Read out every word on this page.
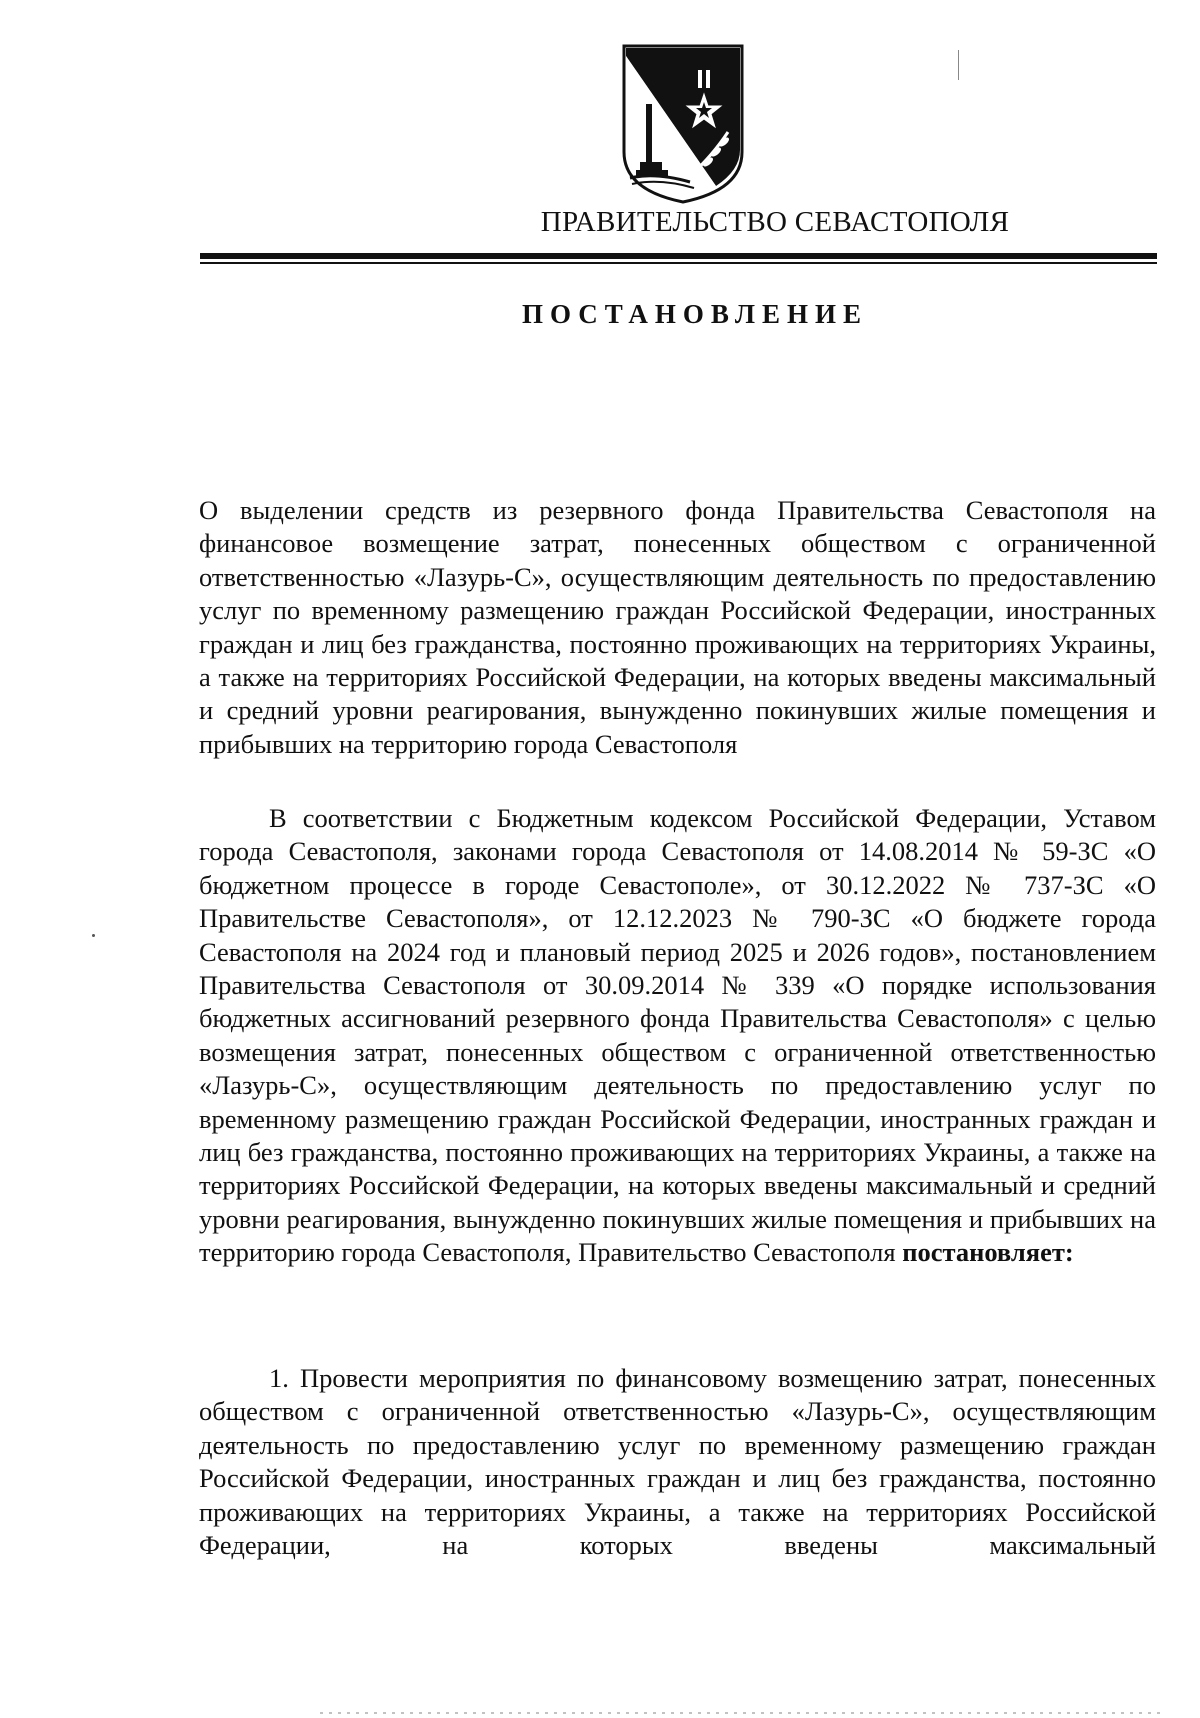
ПРАВИТЕЛЬСТВО СЕВАСТОПОЛЯ
ПОСТАНОВЛЕНИЕ

О выделении средств из резервного фонда Правительства Севастополя на финансовое возмещение затрат, понесенных обществом с ограниченной ответственностью «Лазурь-С», осуществляющим деятельность по предоставлению услуг по временному размещению граждан Российской Федерации, иностранных граждан и лиц без гражданства, постоянно проживающих на территориях Украины, а также на территориях Российской Федерации, на которых введены максимальный и средний уровни реагирования, вынужденно покинувших жилые помещения и прибывших на территорию города Севастополя

В соответствии с Бюджетным кодексом Российской Федерации, Уставом города Севастополя, законами города Севастополя от 14.08.2014 № 59-ЗС «О бюджетном процессе в городе Севастополе», от 30.12.2022 № 737-ЗС «О Правительстве Севастополя», от 12.12.2023 № 790-ЗС «О бюджете города Севастополя на 2024 год и плановый период 2025 и 2026 годов», постановлением Правительства Севастополя от 30.09.2014 № 339 «О порядке использования бюджетных ассигнований резервного фонда Правительства Севастополя» с целью возмещения затрат, понесенных обществом с ограниченной ответственностью «Лазурь-С», осуществляющим деятельность по предоставлению услуг по временному размещению граждан Российской Федерации, иностранных граждан и лиц без гражданства, постоянно проживающих на территориях Украины, а также на территориях Российской Федерации, на которых введены максимальный и средний уровни реагирования, вынужденно покинувших жилые помещения и прибывших на территорию города Севастополя, Правительство Севастополя постановляет:

1. Провести мероприятия по финансовому возмещению затрат, понесенных обществом с ограниченной ответственностью «Лазурь-С», осуществляющим деятельность по предоставлению услуг по временному размещению граждан Российской Федерации, иностранных граждан и лиц без гражданства, постоянно проживающих на территориях Украины, а также на территориях Российской Федерации, на которых введены максимальный
